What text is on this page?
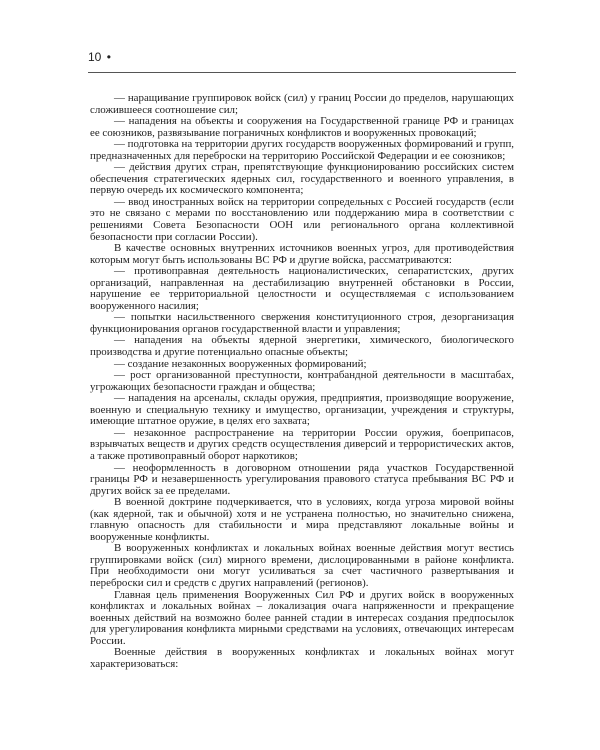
10 •

— наращивание группировок войск (сил) у границ России до пределов, нарушающих сложившееся соотношение сил;

— нападения на объекты и сооружения на Государственной границе РФ и границах ее союзников, развязывание пограничных конфликтов и вооруженных провокаций;

— подготовка на территории других государств вооруженных формирований и групп, предназначенных для переброски на территорию Российской Федерации и ее союзников;

— действия других стран, препятствующие функционированию российских систем обеспечения стратегических ядерных сил, государственного и военного управления, в первую очередь их космического компонента;

— ввод иностранных войск на территории сопредельных с Россией государств (если это не связано с мерами по восстановлению или поддержанию мира в соответствии с решениями Совета Безопасности ООН или регионального органа коллективной безопасности при согласии России).

В качестве основных внутренних источников военных угроз, для противодействия которым могут быть использованы ВС РФ и другие войска, рассматриваются:

— противоправная деятельность националистических, сепаратистских, других организаций, направленная на дестабилизацию внутренней обстановки в России, нарушение ее территориальной целостности и осуществляемая с использованием вооруженного насилия;

— попытки насильственного свержения конституционного строя, дезорганизация функционирования органов государственной власти и управления;

— нападения на объекты ядерной энергетики, химического, биологического производства и другие потенциально опасные объекты;

— создание незаконных вооруженных формирований;

— рост организованной преступности, контрабандной деятельности в масштабах, угрожающих безопасности граждан и общества;

— нападения на арсеналы, склады оружия, предприятия, производящие вооружение, военную и специальную технику и имущество, организации, учреждения и структуры, имеющие штатное оружие, в целях его захвата;

— незаконное распространение на территории России оружия, боеприпасов, взрывчатых веществ и других средств осуществления диверсий и террористических актов, а также противоправный оборот наркотиков;

— неоформленность в договорном отношении ряда участков Государственной границы РФ и незавершенность урегулирования правового статуса пребывания ВС РФ и других войск за ее пределами.

В военной доктрине подчеркивается, что в условиях, когда угроза мировой войны (как ядерной, так и обычной) хотя и не устранена полностью, но значительно снижена, главную опасность для стабильности и мира представляют локальные войны и вооруженные конфликты.

В вооруженных конфликтах и локальных войнах военные действия могут вестись группировками войск (сил) мирного времени, дислоцированными в районе конфликта. При необходимости они могут усиливаться за счет частичного развертывания и переброски сил и средств с других направлений (регионов).

Главная цель применения Вооруженных Сил РФ и других войск в вооруженных конфликтах и локальных войнах – локализация очага напряженности и прекращение военных действий на возможно более ранней стадии в интересах создания предпосылок для урегулирования конфликта мирными средствами на условиях, отвечающих интересам России.

Военные действия в вооруженных конфликтах и локальных войнах могут характеризоваться:
